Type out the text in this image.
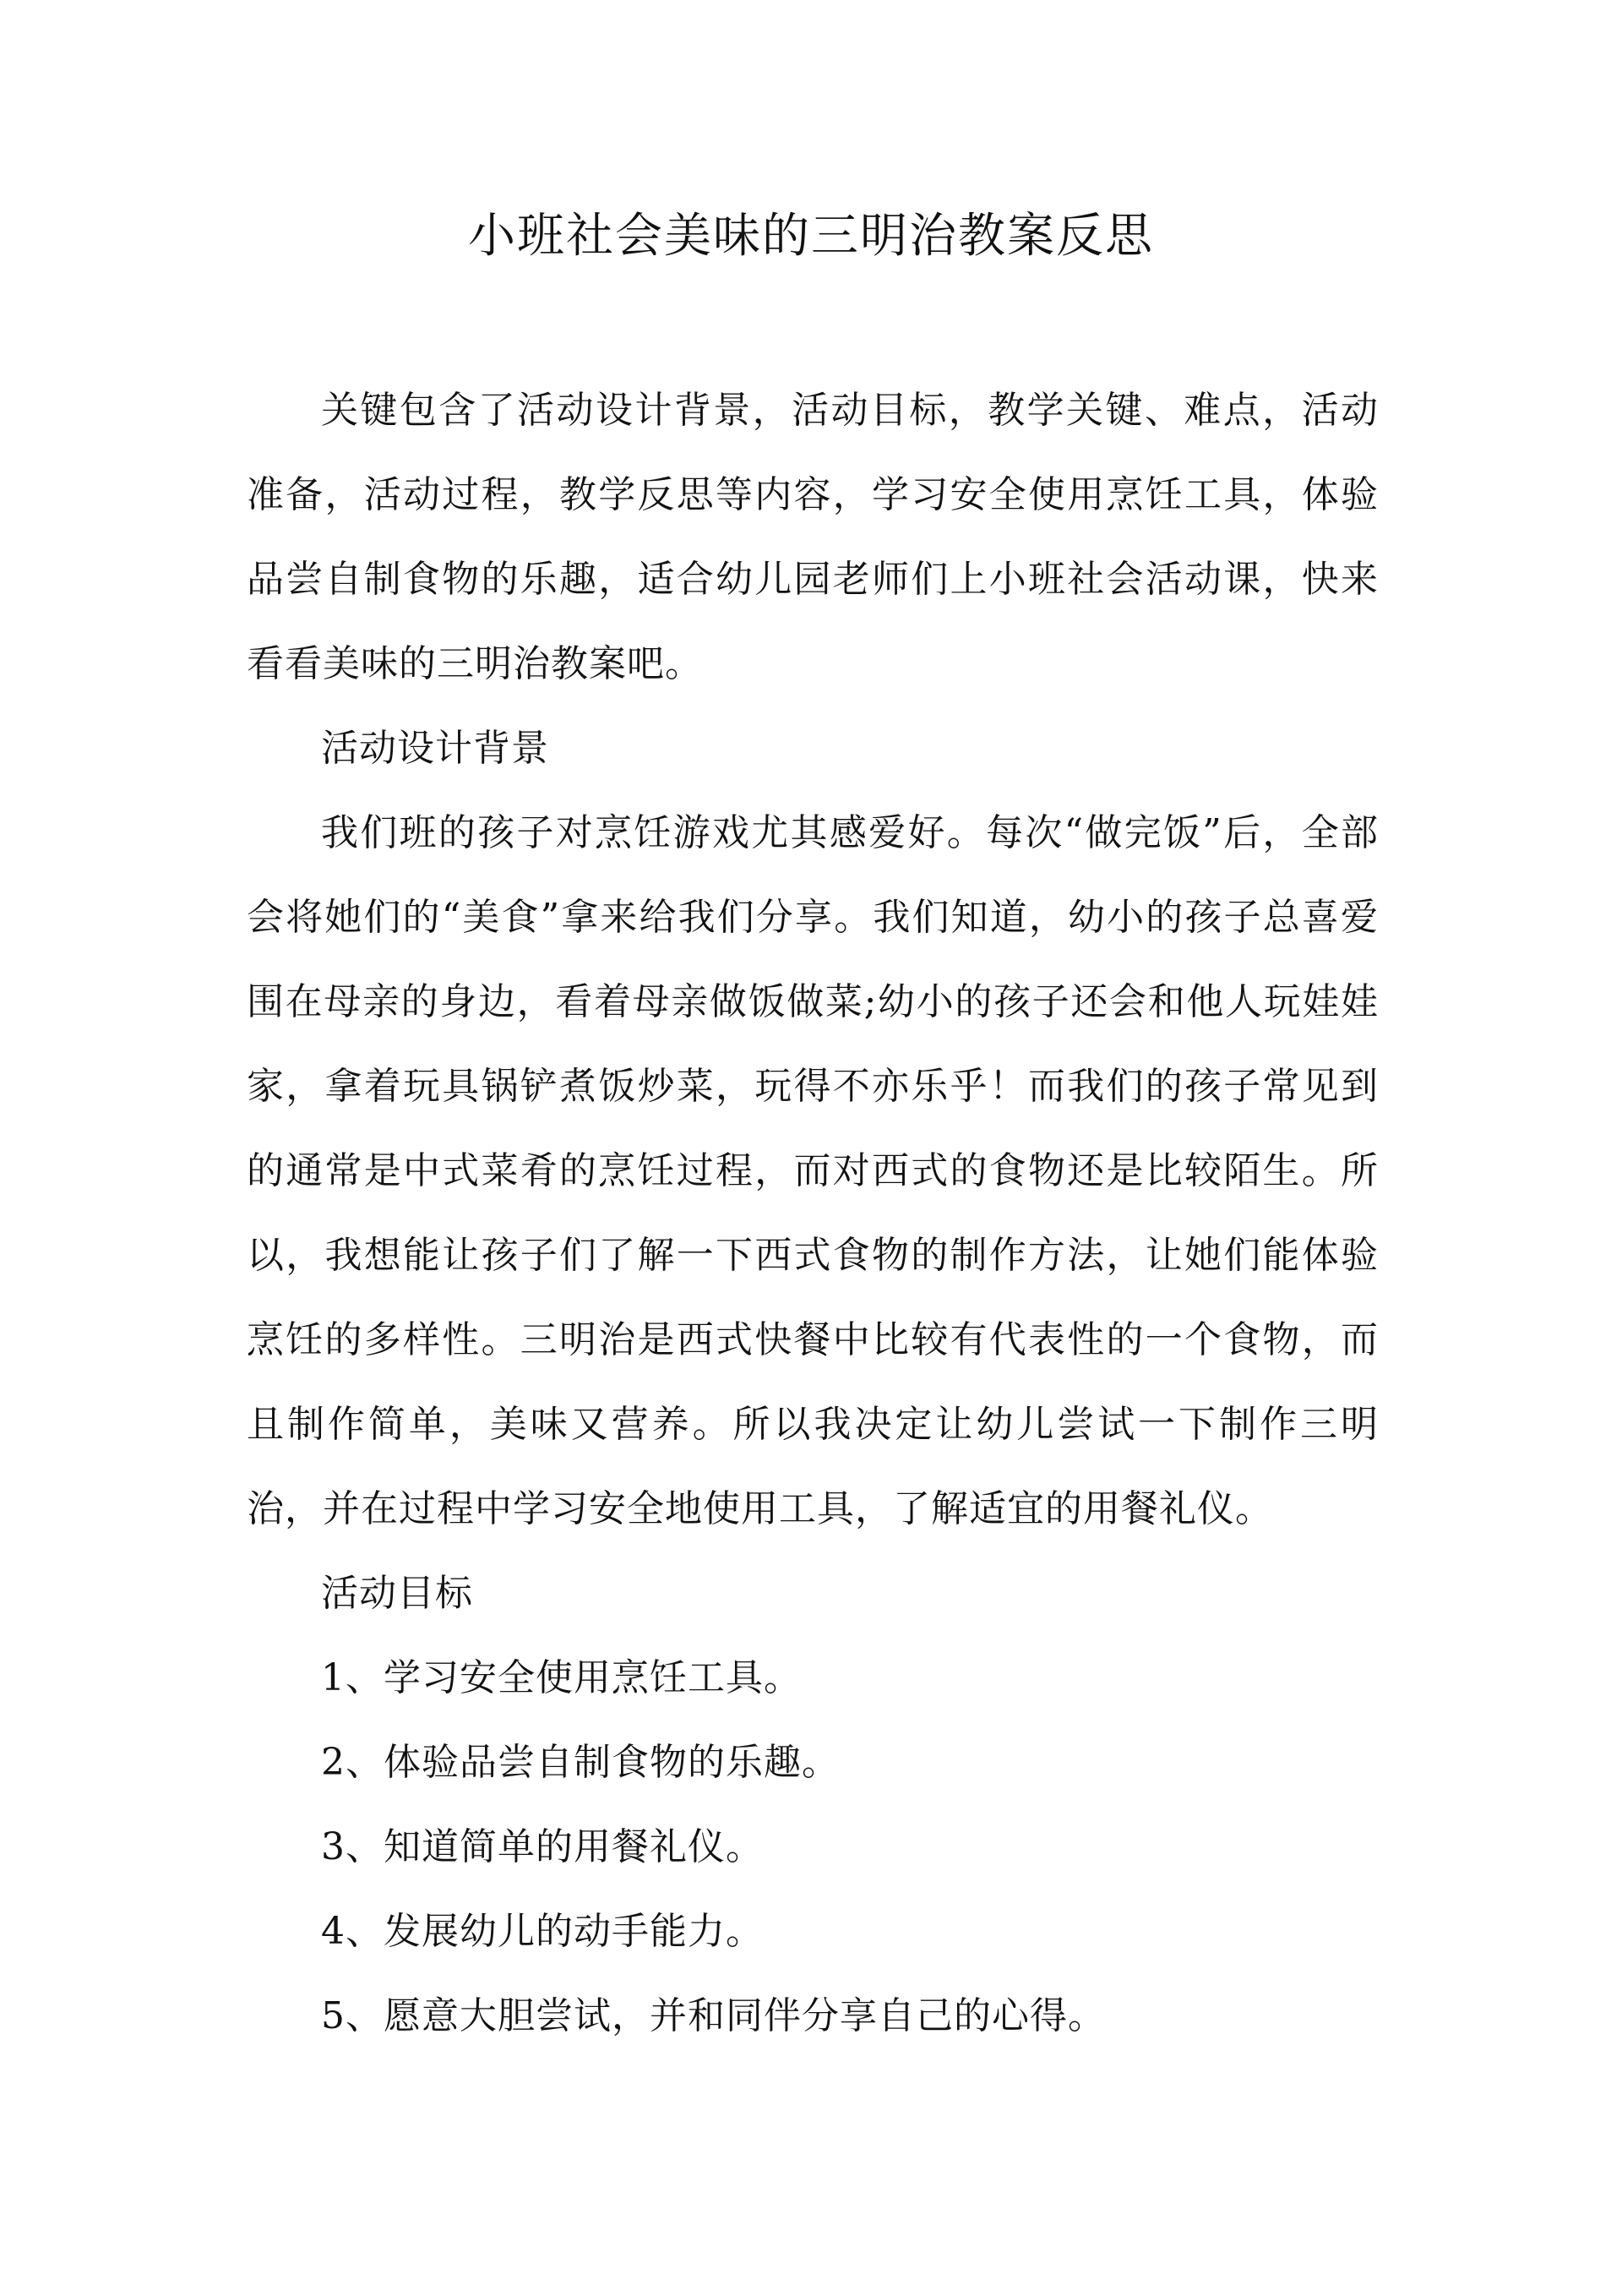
小班社会美味的三明治教案反思

关键包含了活动设计背景，活动目标，教学关键、难点，活动准备，活动过程，教学反思等内容，学习安全使用烹饪工具，体验品尝自制食物的乐趣，适合幼儿园老师们上小班社会活动课，快来看看美味的三明治教案吧。

活动设计背景

我们班的孩子对烹饪游戏尤其感爱好。每次“做完饭”后，全部会将她们的“美食”拿来给我们分享。我们知道，幼小的孩子总喜爱围在母亲的身边，看着母亲做饭做菜;幼小的孩子还会和他人玩娃娃家，拿着玩具锅铲煮饭炒菜，玩得不亦乐乎！而我们的孩子常见到的通常是中式菜肴的烹饪过程，而对西式的食物还是比较陌生。所以，我想能让孩子们了解一下西式食物的制作方法，让她们能体验烹饪的多样性。三明治是西式快餐中比较有代表性的一个食物，而且制作简单，美味又营养。所以我决定让幼儿尝试一下制作三明治，并在过程中学习安全地使用工具，了解适宜的用餐礼仪。

活动目标

1、学习安全使用烹饪工具。

2、体验品尝自制食物的乐趣。

3、知道简单的用餐礼仪。

4、发展幼儿的动手能力。

5、愿意大胆尝试，并和同伴分享自己的心得。
